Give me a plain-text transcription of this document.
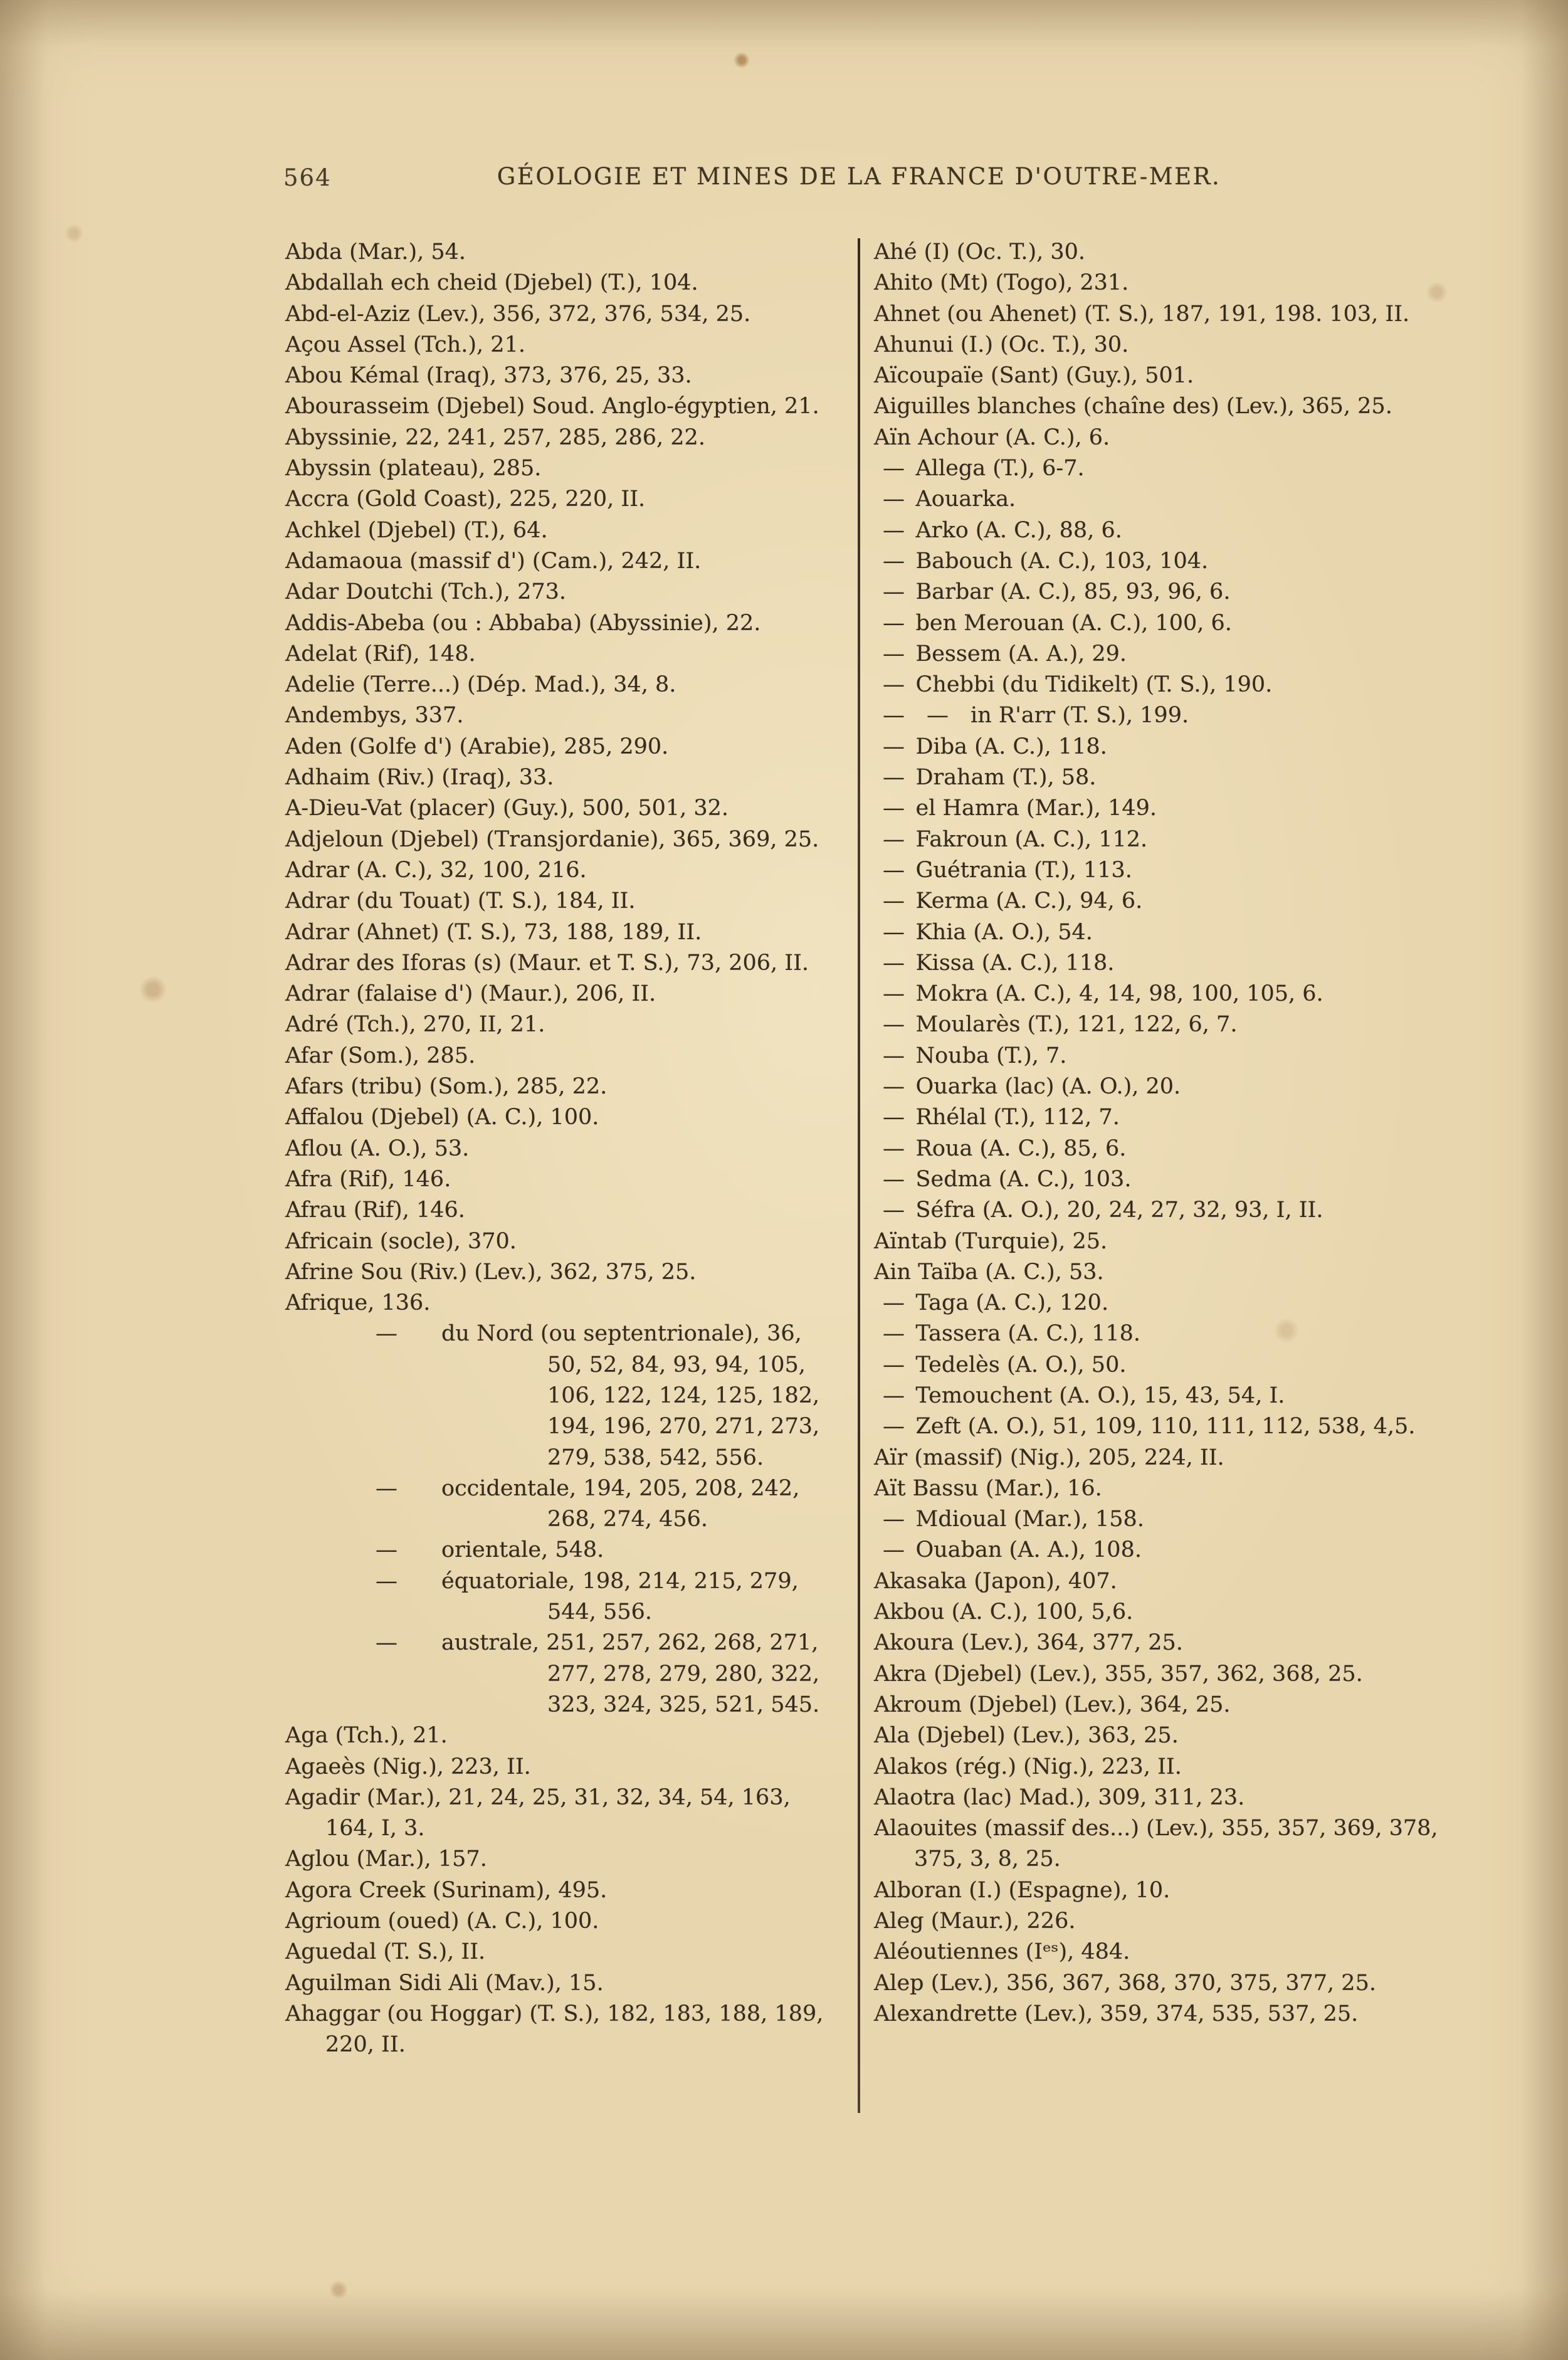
564	GÉOLOGIE ET MINES DE LA FRANCE D'OUTRE-MER.
Abda (Mar.), 54.
Abdallah ech cheid (Djebel) (T.), 104.
Abd-el-Aziz (Lev.), 356, 372, 376, 534, 25.
Açou Assel (Tch.), 21.
Abou Kémal (Iraq), 373, 376, 25, 33.
Abourasseim (Djebel) Soud. Anglo-égyptien, 21.
Abyssinie, 22, 241, 257, 285, 286, 22.
Abyssin (plateau), 285.
Accra (Gold Coast), 225, 220, II.
Achkel (Djebel) (T.), 64.
Adamaoua (massif d') (Cam.), 242, II.
Adar Doutchi (Tch.), 273.
Addis-Abeba (ou : Abbaba) (Abyssinie), 22.
Adelat (Rif), 148.
Adelie (Terre...) (Dép. Mad.), 34, 8.
Andembys, 337.
Aden (Golfe d') (Arabie), 285, 290.
Adhaim (Riv.) (Iraq), 33.
A-Dieu-Vat (placer) (Guy.), 500, 501, 32.
Adjeloun (Djebel) (Transjordanie), 365, 369, 25.
Adrar (A. C.), 32, 100, 216.
Adrar (du Touat) (T. S.), 184, II.
Adrar (Ahnet) (T. S.), 73, 188, 189, II.
Adrar des Iforas (s) (Maur. et T. S.), 73, 206, II.
Adrar (falaise d') (Maur.), 206, II.
Adré (Tch.), 270, II, 21.
Afar (Som.), 285.
Afars (tribu) (Som.), 285, 22.
Affalou (Djebel) (A. C.), 100.
Aflou (A. O.), 53.
Afra (Rif), 146.
Afrau (Rif), 146.
Africain (socle), 370.
Afrine Sou (Riv.) (Lev.), 362, 375, 25.
Afrique, 136.
—  du Nord (ou septentrionale), 36, 50, 52, 84, 93, 94, 105, 106, 122, 124, 125, 182, 194, 196, 270, 271, 273, 279, 538, 542, 556.
—  occidentale, 194, 205, 208, 242, 268, 274, 456.
—  orientale, 548.
—  équatoriale, 198, 214, 215, 279, 544, 556.
—  australe, 251, 257, 262, 268, 271, 277, 278, 279, 280, 322, 323, 324, 325, 521, 545.
Aga (Tch.), 21.
Agaeès (Nig.), 223, II.
Agadir (Mar.), 21, 24, 25, 31, 32, 34, 54, 163, 164, I, 3.
Aglou (Mar.), 157.
Agora Creek (Surinam), 495.
Agrioum (oued) (A. C.), 100.
Aguedal (T. S.), II.
Aguilman Sidi Ali (Mav.), 15.
Ahaggar (ou Hoggar) (T. S.), 182, 183, 188, 189, 220, II.
Ahé (I) (Oc. T.), 30.
Ahito (Mt) (Togo), 231.
Ahnet (ou Ahenet) (T. S.), 187, 191, 198. 103, II.
Ahunui (I.) (Oc. T.), 30.
Aïcoupaïe (Sant) (Guy.), 501.
Aiguilles blanches (chaîne des) (Lev.), 365, 25.
Aïn Achour (A. C.), 6.
— Allega (T.), 6-7.
— Aouarka.
— Arko (A. C.), 88, 6.
— Babouch (A. C.), 103, 104.
— Barbar (A. C.), 85, 93, 96, 6.
— ben Merouan (A. C.), 100, 6.
— Bessem (A. A.), 29.
— Chebbi (du Tidikelt) (T. S.), 190.
— — in R'arr (T. S.), 199.
— Diba (A. C.), 118.
— Draham (T.), 58.
— el Hamra (Mar.), 149.
— Fakroun (A. C.), 112.
— Guétrania (T.), 113.
— Kerma (A. C.), 94, 6.
— Khia (A. O.), 54.
— Kissa (A. C.), 118.
— Mokra (A. C.), 4, 14, 98, 100, 105, 6.
— Moularès (T.), 121, 122, 6, 7.
— Nouba (T.), 7.
— Ouarka (lac) (A. O.), 20.
— Rhélal (T.), 112, 7.
— Roua (A. C.), 85, 6.
— Sedma (A. C.), 103.
— Séfra (A. O.), 20, 24, 27, 32, 93, I, II.
Aïntab (Turquie), 25.
Ain Taïba (A. C.), 53.
— Taga (A. C.), 120.
— Tassera (A. C.), 118.
— Tedelès (A. O.), 50.
— Temouchent (A. O.), 15, 43, 54, I.
— Zeft (A. O.), 51, 109, 110, 111, 112, 538, 4,5.
Aïr (massif) (Nig.), 205, 224, II.
Aït Bassu (Mar.), 16.
— Mdioual (Mar.), 158.
— Ouaban (A. A.), 108.
Akasaka (Japon), 407.
Akbou (A. C.), 100, 5,6.
Akoura (Lev.), 364, 377, 25.
Akra (Djebel) (Lev.), 355, 357, 362, 368, 25.
Akroum (Djebel) (Lev.), 364, 25.
Ala (Djebel) (Lev.), 363, 25.
Alakos (rég.) (Nig.), 223, II.
Alaotra (lac) Mad.), 309, 311, 23.
Alaouites (massif des...) (Lev.), 355, 357, 369, 378, 375, 3, 8, 25.
Alboran (I.) (Espagne), 10.
Aleg (Maur.), 226.
Aléoutiennes (Iᵉˢ), 484.
Alep (Lev.), 356, 367, 368, 370, 375, 377, 25.
Alexandrette (Lev.), 359, 374, 535, 537, 25.
